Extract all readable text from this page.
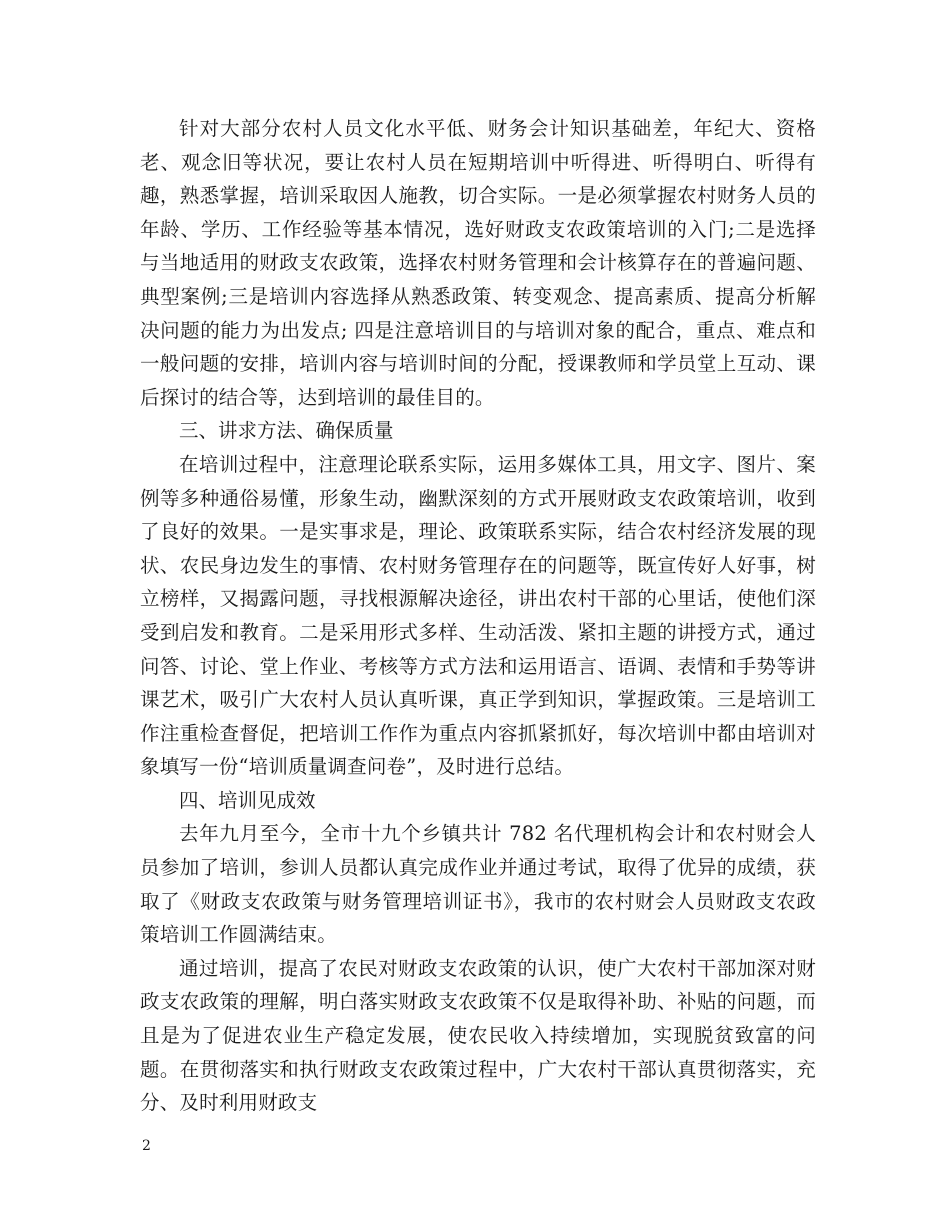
针对大部分农村人员文化水平低、财务会计知识基础差，年纪大、资格老、观念旧等状况，要让农村人员在短期培训中听得进、听得明白、听得有趣，熟悉掌握，培训采取因人施教，切合实际。一是必须掌握农村财务人员的年龄、学历、工作经验等基本情况，选好财政支农政策培训的入门;二是选择与当地适用的财政支农政策，选择农村财务管理和会计核算存在的普遍问题、典型案例;三是培训内容选择从熟悉政策、转变观念、提高素质、提高分析解决问题的能力为出发点; 四是注意培训目的与培训对象的配合，重点、难点和一般问题的安排，培训内容与培训时间的分配，授课教师和学员堂上互动、课后探讨的结合等，达到培训的最佳目的。

三、讲求方法、确保质量

在培训过程中，注意理论联系实际，运用多媒体工具，用文字、图片、案例等多种通俗易懂，形象生动，幽默深刻的方式开展财政支农政策培训，收到了良好的效果。一是实事求是，理论、政策联系实际，结合农村经济发展的现状、农民身边发生的事情、农村财务管理存在的问题等，既宣传好人好事，树立榜样，又揭露问题，寻找根源解决途径，讲出农村干部的心里话，使他们深受到启发和教育。二是采用形式多样、生动活泼、紧扣主题的讲授方式，通过问答、讨论、堂上作业、考核等方式方法和运用语言、语调、表情和手势等讲课艺术，吸引广大农村人员认真听课，真正学到知识，掌握政策。三是培训工作注重检查督促，把培训工作作为重点内容抓紧抓好，每次培训中都由培训对象填写一份“培训质量调查问卷”，及时进行总结。

四、培训见成效

去年九月至今，全市十九个乡镇共计 782 名代理机构会计和农村财会人员参加了培训，参训人员都认真完成作业并通过考试，取得了优异的成绩，获取了《财政支农政策与财务管理培训证书》，我市的农村财会人员财政支农政策培训工作圆满结束。

通过培训，提高了农民对财政支农政策的认识，使广大农村干部加深对财政支农政策的理解，明白落实财政支农政策不仅是取得补助、补贴的问题，而且是为了促进农业生产稳定发展，使农民收入持续增加，实现脱贫致富的问题。在贯彻落实和执行财政支农政策过程中，广大农村干部认真贯彻落实，充分、及时利用财政支

2
